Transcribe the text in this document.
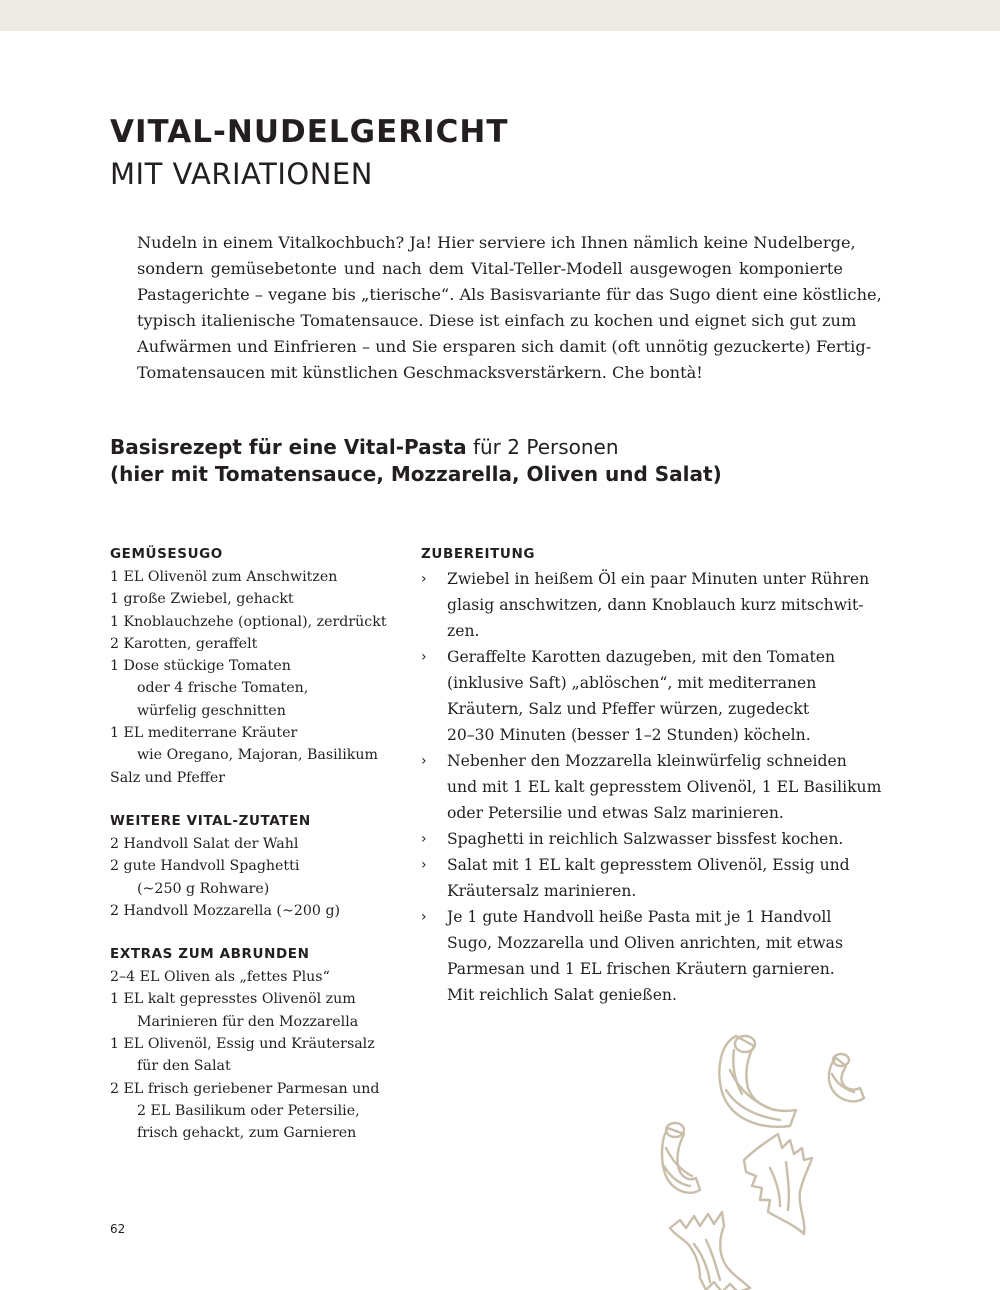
VITAL-NUDELGERICHT
MIT VARIATIONEN
Nudeln in einem Vitalkochbuch? Ja! Hier serviere ich Ihnen nämlich keine Nudelberge,
sondern gemüsebetonte und nach dem Vital-Teller-Modell ausgewogen komponierte
Pastagerichte – vegane bis „tierische“. Als Basisvariante für das Sugo dient eine köstliche,
typisch italienische Tomatensauce. Diese ist einfach zu kochen und eignet sich gut zum
Aufwärmen und Einfrieren – und Sie ersparen sich damit (oft unnötig gezuckerte) Fertig-
Tomatensaucen mit künstlichen Geschmacksverstärkern. Che bontà!
Basisrezept für eine Vital-Pasta für 2 Personen
(hier mit Tomatensauce, Mozzarella, Oliven und Salat)
GEMÜSESUGO
1 EL Olivenöl zum Anschwitzen
1 große Zwiebel, gehackt
1 Knoblauchzehe (optional), zerdrückt
2 Karotten, geraffelt
1 Dose stückige Tomaten
oder 4 frische Tomaten,
würfelig geschnitten
1 EL mediterrane Kräuter
wie Oregano, Majoran, Basilikum
Salz und Pfeffer
WEITERE VITAL-ZUTATEN
2 Handvoll Salat der Wahl
2 gute Handvoll Spaghetti
(~250 g Rohware)
2 Handvoll Mozzarella (~200 g)
EXTRAS ZUM ABRUNDEN
2–4 EL Oliven als „fettes Plus“
1 EL kalt gepresstes Olivenöl zum
Marinieren für den Mozzarella
1 EL Olivenöl, Essig und Kräutersalz
für den Salat
2 EL frisch geriebener Parmesan und
2 EL Basilikum oder Petersilie,
frisch gehackt, zum Garnieren
ZUBEREITUNG
›	Zwiebel in heißem Öl ein paar Minuten unter Rühren
glasig anschwitzen, dann Knoblauch kurz mitschwit-
zen.
›	Geraffelte Karotten dazugeben, mit den Tomaten
(inklusive Saft) „ablöschen“, mit mediterranen
Kräutern, Salz und Pfeffer würzen, zugedeckt
20–30 Minuten (besser 1–2 Stunden) köcheln.
›	Nebenher den Mozzarella kleinwürfelig schneiden
und mit 1 EL kalt gepresstem Olivenöl, 1 EL Basilikum
oder Petersilie und etwas Salz marinieren.
›	Spaghetti in reichlich Salzwasser bissfest kochen.
›	Salat mit 1 EL kalt gepresstem Olivenöl, Essig und
Kräutersalz marinieren.
›	Je 1 gute Handvoll heiße Pasta mit je 1 Handvoll
Sugo, Mozzarella und Oliven anrichten, mit etwas
Parmesan und 1 EL frischen Kräutern garnieren.
Mit reichlich Salat genießen.
62
